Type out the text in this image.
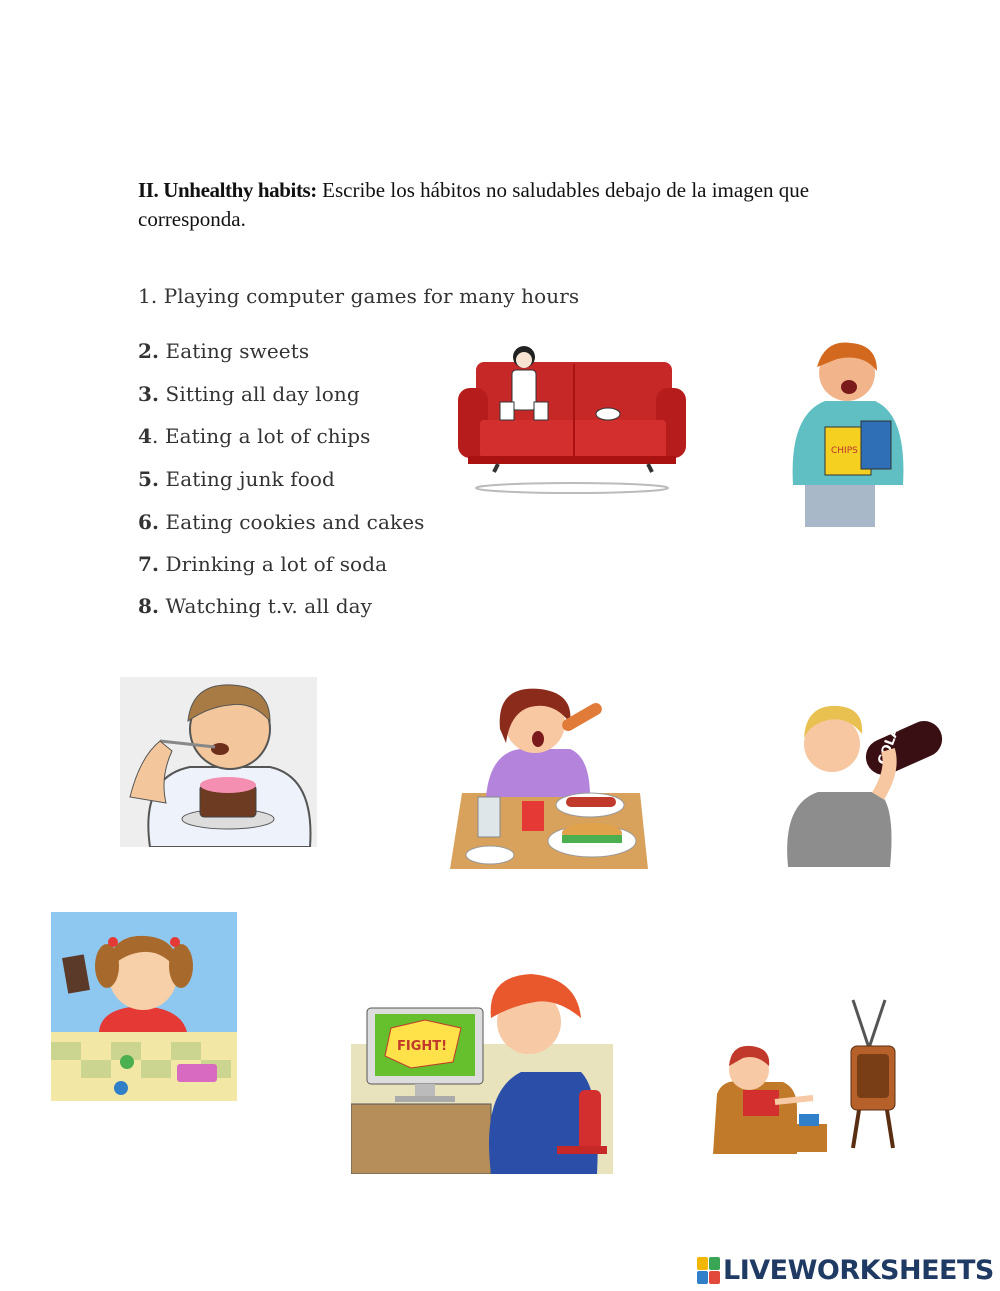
II. Unhealthy habits: Escribe los hábitos no saludables debajo de la imagen que corresponda.
1. Playing computer games for many hours
2. Eating sweets
3. Sitting all day long
4. Eating a lot of chips
5. Eating junk food
6. Eating cookies and cakes
7. Drinking a lot of soda
8. Watching t.v. all day
CHIPS
COLA
FIGHT!
LIVEWORKSHEETS
